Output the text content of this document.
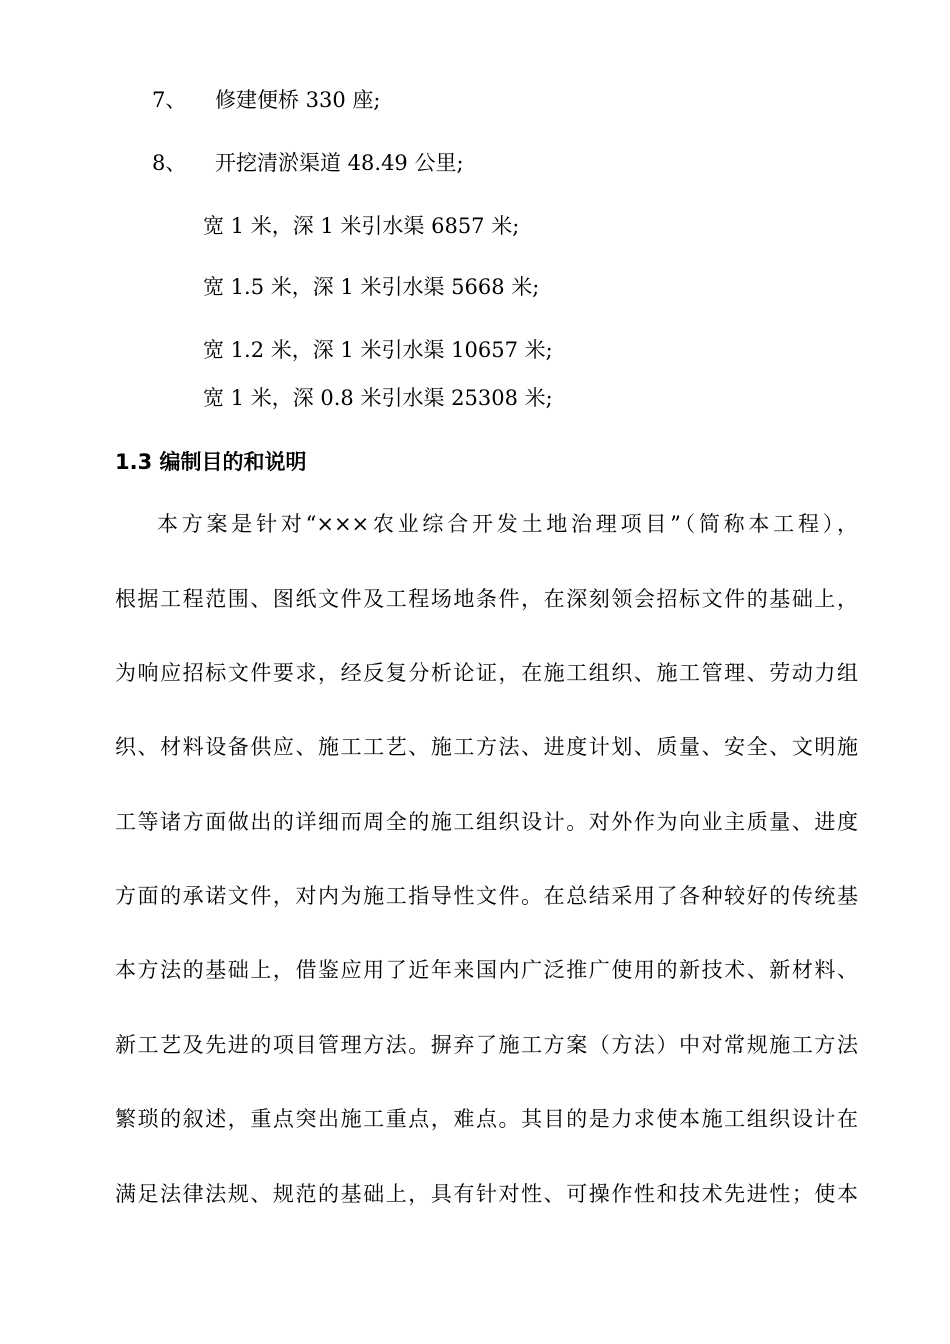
7、 修建便桥 330 座;
8、 开挖清淤渠道 48.49 公里;
宽 1 米，深 1 米引水渠 6857 米;
宽 1.5 米，深 1 米引水渠 5668 米;
宽 1.2 米，深 1 米引水渠 10657 米;
宽 1 米，深 0.8 米引水渠 25308 米;
1.3 编制目的和说明
本方案是针对“×××农业综合开发土地治理项目”（简称本工程），
根据工程范围、图纸文件及工程场地条件，在深刻领会招标文件的基础上，
为响应招标文件要求，经反复分析论证，在施工组织、施工管理、劳动力组
织、材料设备供应、施工工艺、施工方法、进度计划、质量、安全、文明施
工等诸方面做出的详细而周全的施工组织设计。对外作为向业主质量、进度
方面的承诺文件，对内为施工指导性文件。在总结采用了各种较好的传统基
本方法的基础上，借鉴应用了近年来国内广泛推广使用的新技术、新材料、
新工艺及先进的项目管理方法。摒弃了施工方案（方法）中对常规施工方法
繁琐的叙述，重点突出施工重点，难点。其目的是力求使本施工组织设计在
满足法律法规、规范的基础上，具有针对性、可操作性和技术先进性；使本
